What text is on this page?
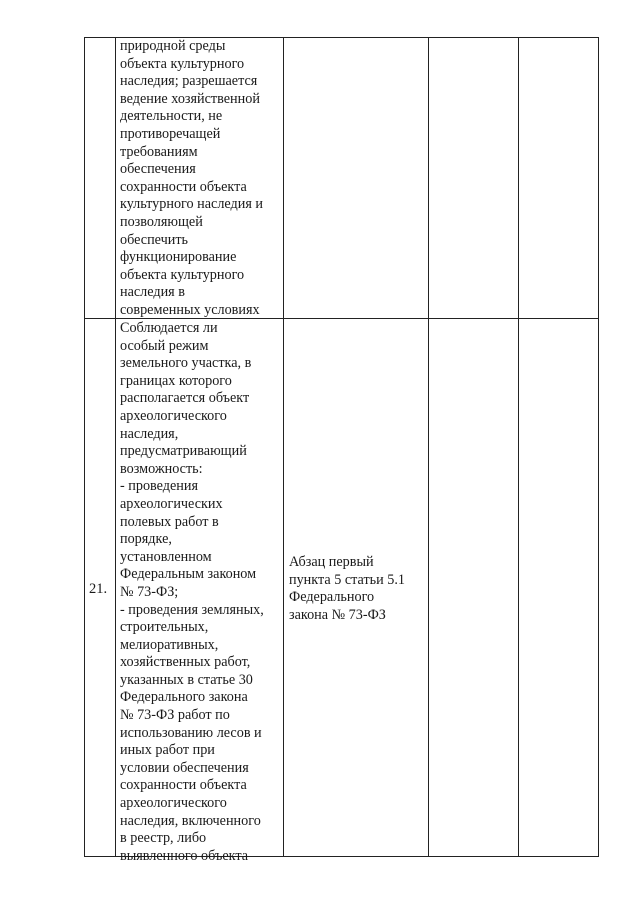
природной среды
объекта культурного
наследия; разрешается
ведение хозяйственной
деятельности, не
противоречащей
требованиям
обеспечения
сохранности объекта
культурного наследия и
позволяющей
обеспечить
функционирование
объекта культурного
наследия в
современных условиях
21.
Соблюдается ли
особый режим
земельного участка, в
границах которого
располагается объект
археологического
наследия,
предусматривающий
возможность:
- проведения
археологических
полевых работ в
порядке,
установленном
Федеральным законом
№ 73-ФЗ;
- проведения земляных,
строительных,
мелиоративных,
хозяйственных работ,
указанных в статье 30
Федерального закона
№ 73-ФЗ работ по
использованию лесов и
иных работ при
условии обеспечения
сохранности объекта
археологического
наследия, включенного
в реестр, либо
выявленного объекта
Абзац первый
пункта 5 статьи 5.1
Федерального
закона № 73-ФЗ
